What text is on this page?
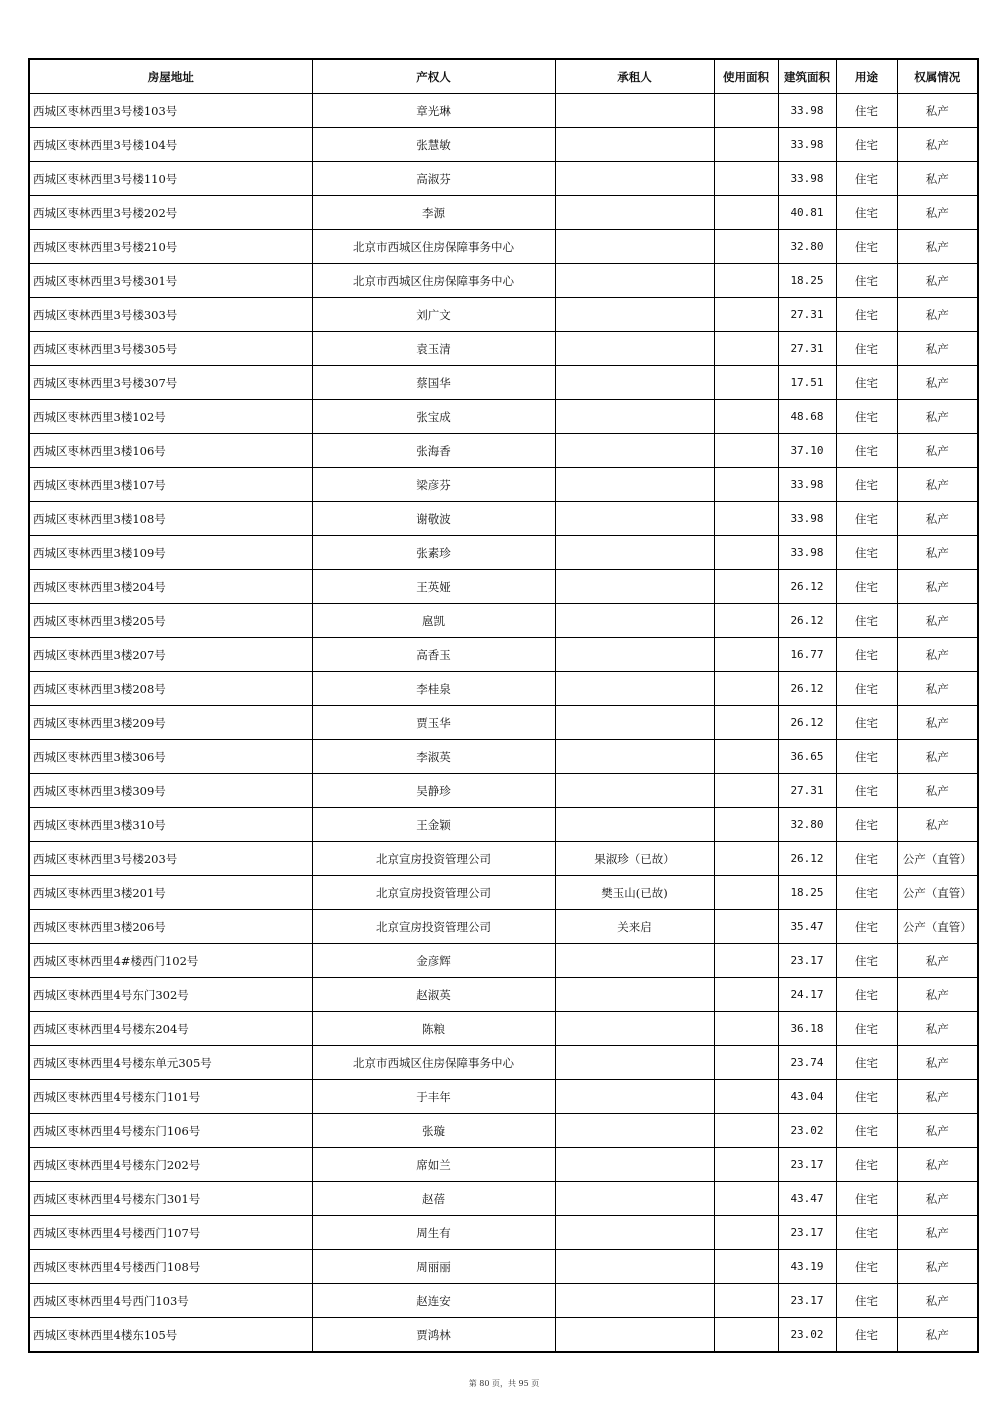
房屋地址	产权人	承租人	使用面积	建筑面积	用途	权属情况
西城区枣林西里3号楼103号	章光琳			33.98	住宅	私产
西城区枣林西里3号楼104号	张慧敏			33.98	住宅	私产
西城区枣林西里3号楼110号	高淑芬			33.98	住宅	私产
西城区枣林西里3号楼202号	李源			40.81	住宅	私产
西城区枣林西里3号楼210号	北京市西城区住房保障事务中心			32.80	住宅	私产
西城区枣林西里3号楼301号	北京市西城区住房保障事务中心			18.25	住宅	私产
西城区枣林西里3号楼303号	刘广文			27.31	住宅	私产
西城区枣林西里3号楼305号	袁玉清			27.31	住宅	私产
西城区枣林西里3号楼307号	蔡国华			17.51	住宅	私产
西城区枣林西里3楼102号	张宝成			48.68	住宅	私产
西城区枣林西里3楼106号	张海香			37.10	住宅	私产
西城区枣林西里3楼107号	梁彦芬			33.98	住宅	私产
西城区枣林西里3楼108号	谢敬波			33.98	住宅	私产
西城区枣林西里3楼109号	张素珍			33.98	住宅	私产
西城区枣林西里3楼204号	王英娅			26.12	住宅	私产
西城区枣林西里3楼205号	扈凯			26.12	住宅	私产
西城区枣林西里3楼207号	高香玉			16.77	住宅	私产
西城区枣林西里3楼208号	李桂泉			26.12	住宅	私产
西城区枣林西里3楼209号	贾玉华			26.12	住宅	私产
西城区枣林西里3楼306号	李淑英			36.65	住宅	私产
西城区枣林西里3楼309号	吴静珍			27.31	住宅	私产
西城区枣林西里3楼310号	王金颖			32.80	住宅	私产
西城区枣林西里3号楼203号	北京宣房投资管理公司	果淑珍（已故）		26.12	住宅	公产（直管）
西城区枣林西里3楼201号	北京宣房投资管理公司	樊玉山(已故)		18.25	住宅	公产（直管）
西城区枣林西里3楼206号	北京宣房投资管理公司	关来启		35.47	住宅	公产（直管）
西城区枣林西里4#楼西门102号	金彦辉			23.17	住宅	私产
西城区枣林西里4号东门302号	赵淑英			24.17	住宅	私产
西城区枣林西里4号楼东204号	陈粮			36.18	住宅	私产
西城区枣林西里4号楼东单元305号	北京市西城区住房保障事务中心			23.74	住宅	私产
西城区枣林西里4号楼东门101号	于丰年			43.04	住宅	私产
西城区枣林西里4号楼东门106号	张璇			23.02	住宅	私产
西城区枣林西里4号楼东门202号	席如兰			23.17	住宅	私产
西城区枣林西里4号楼东门301号	赵蓓			43.47	住宅	私产
西城区枣林西里4号楼西门107号	周生有			23.17	住宅	私产
西城区枣林西里4号楼西门108号	周丽丽			43.19	住宅	私产
西城区枣林西里4号西门103号	赵连安			23.17	住宅	私产
西城区枣林西里4楼东105号	贾鸿林			23.02	住宅	私产
第 80 页，共 95 页
